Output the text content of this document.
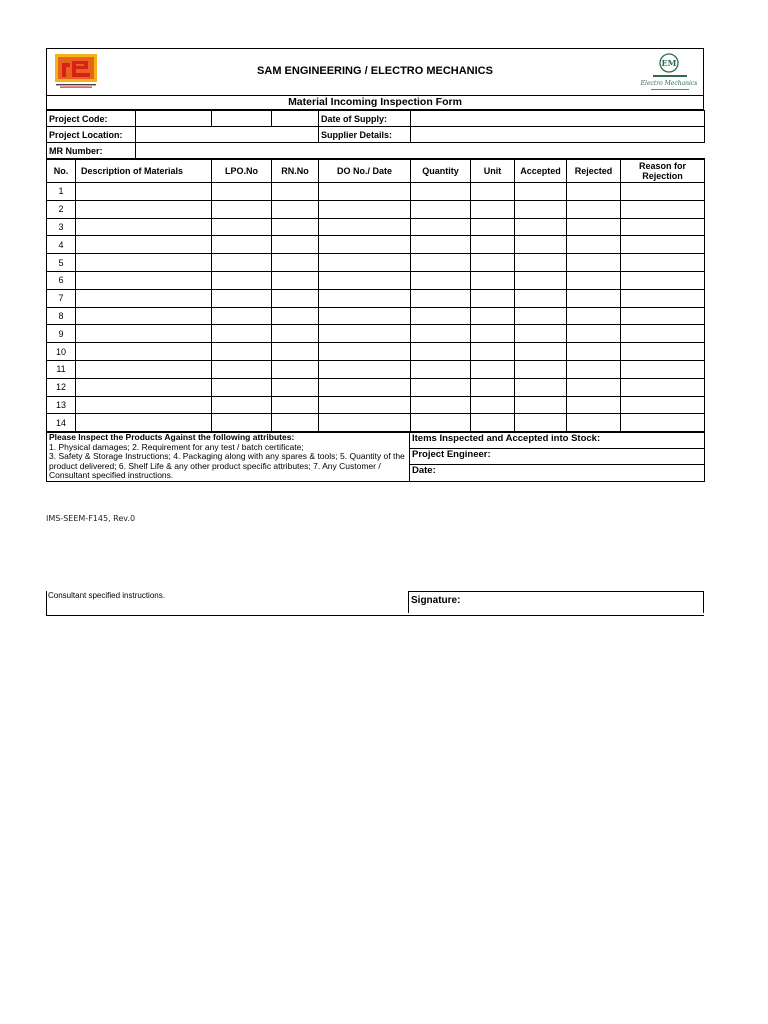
SAM ENGINEERING / ELECTRO MECHANICS
EM
Electro Mechanics
Material Incoming Inspection Form
Project Code:				Date of Supply:	
Project Location:				Supplier Details:	
MR Number:					
No.	Description of Materials	LPO.No	RN.No	DO No./ Date	Quantity	Unit	Accepted	Rejected	Reason for Rejection
1									
2									
3									
4									
5									
6									
7									
8									
9									
10									
11									
12									
13									
14									
Please Inspect the Products Against the following attributes:
1. Physical damages; 2. Requirement for any test / batch certificate;
3. Safety & Storage Instructions; 4. Packaging along with any spares & tools; 5. Quantity of the product delivered; 6. Shelf Life & any other product specific attributes; 7. Any Customer / Consultant specified instructions.
	Items Inspected and Accepted into Stock:
Project Engineer:
Date:
IMS-SEEM-F145, Rev.0
Consultant specified instructions.	Signature:
